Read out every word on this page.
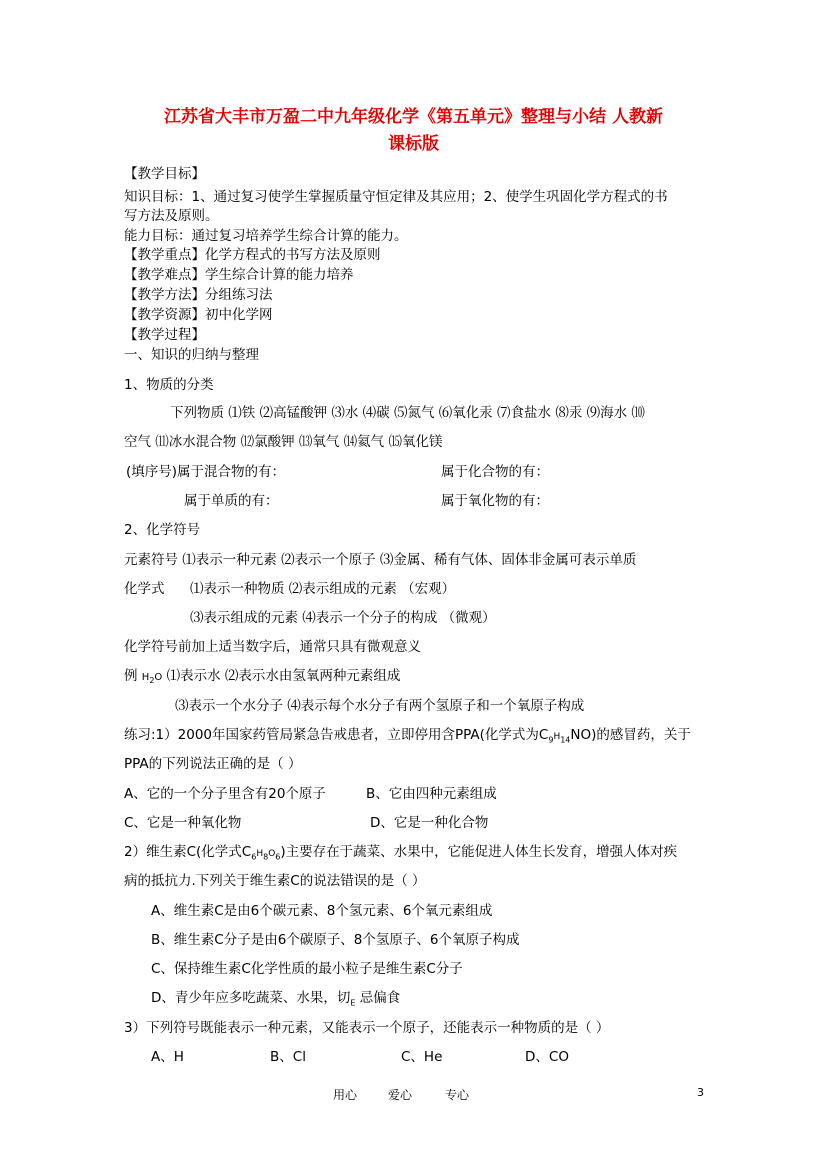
江苏省大丰市万盈二中九年级化学《第五单元》整理与小结 人教新
课标版
【教学目标】
知识目标：1、通过复习使学生掌握质量守恒定律及其应用；2、使学生巩固化学方程式的书
写方法及原则。
能力目标：通过复习培养学生综合计算的能力。
【教学重点】化学方程式的书写方法及原则
【教学难点】学生综合计算的能力培养
【教学方法】分组练习法
【教学资源】初中化学网
【教学过程】
一、知识的归纳与整理
1、物质的分类
下列物质 ⑴铁 ⑵高锰酸钾 ⑶水 ⑷碳 ⑸氮气 ⑹氧化汞 ⑺食盐水 ⑻汞 ⑼海水 ⑽
空气 ⑾冰水混合物 ⑿氯酸钾 ⒀氧气 ⒁氦气 ⒂氧化镁
(填序号)属于混合物的有：	属于化合物的有：
属于单质的有：	属于氧化物的有：
2、化学符号
元素符号 ⑴表示一种元素 ⑵表示一个原子 ⑶金属、稀有气体、固体非金属可表示单质
化学式 ⑴表示一种物质 ⑵表示组成的元素 （宏观）
⑶表示组成的元素 ⑷表示一个分子的构成 （微观）
化学符号前加上适当数字后，通常只具有微观意义
例 $H_2O$ ⑴表示水 ⑵表示水由氢氧两种元素组成
⑶表示一个水分子 ⑷表示每个水分子有两个氢原子和一个氧原子构成
练习:1）2000年国家药管局紧急告戒患者，立即停用含PPA(化学式为$C_9H_{14}NO$)的感冒药，关于
PPA的下列说法正确的是（ ）
A、它的一个分子里含有20个原子	B、它由四种元素组成
C、它是一种氧化物	D、它是一种化合物
2）维生素C(化学式$C_6H_8O_6$)主要存在于蔬菜、水果中，它能促进人体生长发育，增强人体对疾
病的抵抗力.下列关于维生素C的说法错误的是（ ）
A、维生素C是由6个碳元素、8个氢元素、6个氧元素组成
B、维生素C分子是由6个碳原子、8个氢原子、6个氧原子构成
C、保持维生素C化学性质的最小粒子是维生素C分子
D、青少年应多吃蔬菜、水果，切$_E$ 忌偏食
3）下列符号既能表示一种元素，又能表示一个原子，还能表示一种物质的是（ ）
A、H	B、Cl	C、He	D、CO
用心	爱心	专心	3
